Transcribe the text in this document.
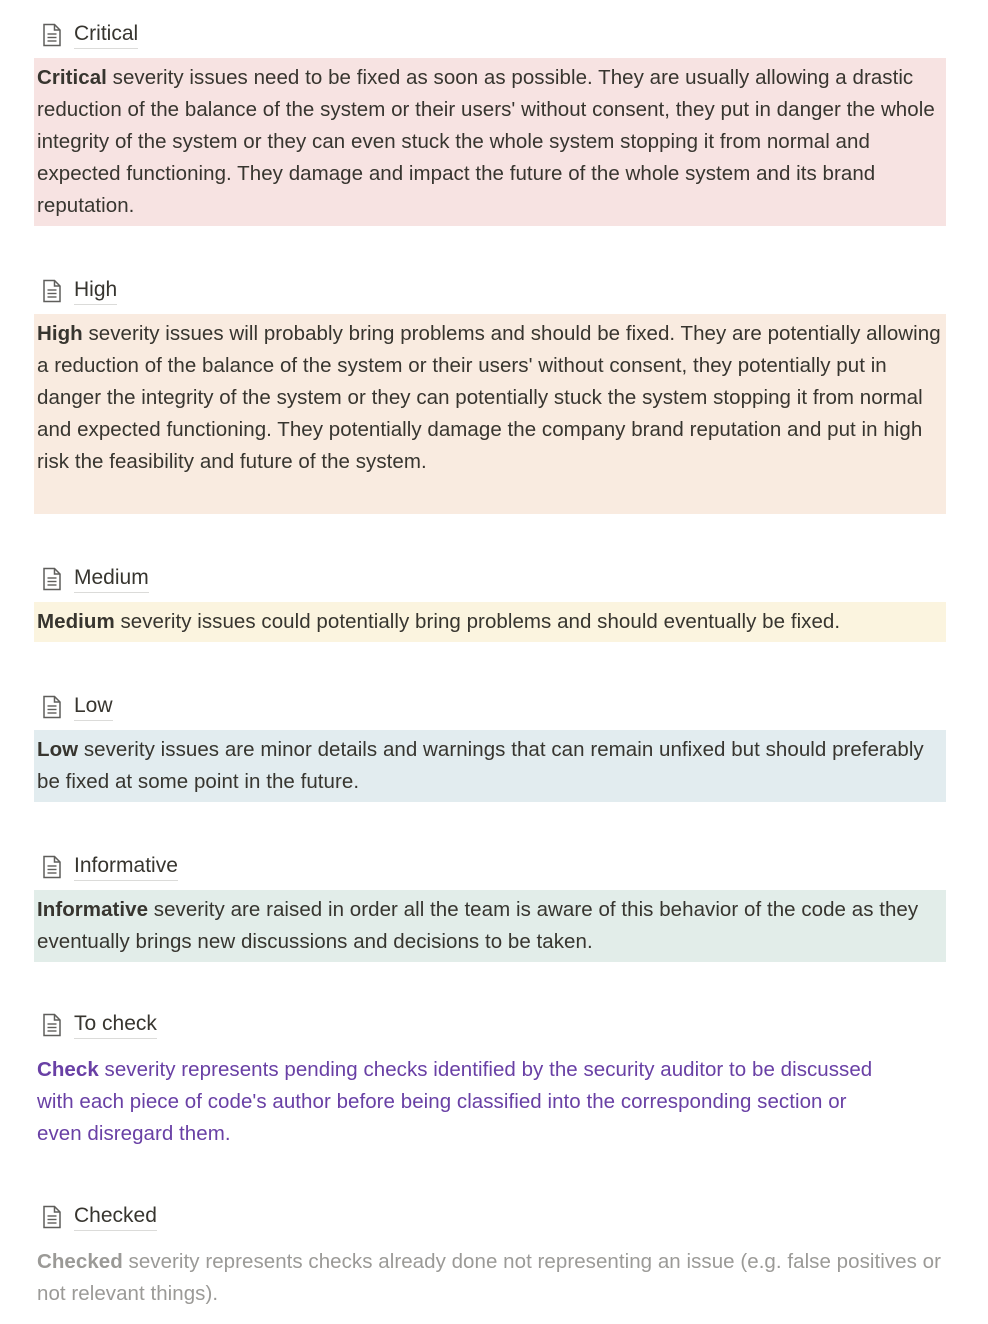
Critical
Critical severity issues need to be fixed as soon as possible. They are usually allowing a drastic reduction of the balance of the system or their users' without consent, they put in danger the whole integrity of the system or they can even stuck the whole system stopping it from normal and expected functioning. They damage and impact the future of the whole system and its brand reputation.
High
High severity issues will probably bring problems and should be fixed. They are potentially allowing a reduction of the balance of the system or their users' without consent, they potentially put in danger the integrity of the system or they can potentially stuck the system stopping it from normal and expected functioning. They potentially damage the company brand reputation and put in high risk the feasibility and future of the system.
Medium
Medium severity issues could potentially bring problems and should eventually be fixed.
Low
Low severity issues are minor details and warnings that can remain unfixed but should preferably be fixed at some point in the future.
Informative
Informative severity are raised in order all the team is aware of this behavior of the code as they eventually brings new discussions and decisions to be taken.
To check
Check severity represents pending checks identified by the security auditor to be discussed with each piece of code's author before being classified into the corresponding section or even disregard them.
Checked
Checked severity represents checks already done not representing an issue (e.g. false positives or not relevant things).
